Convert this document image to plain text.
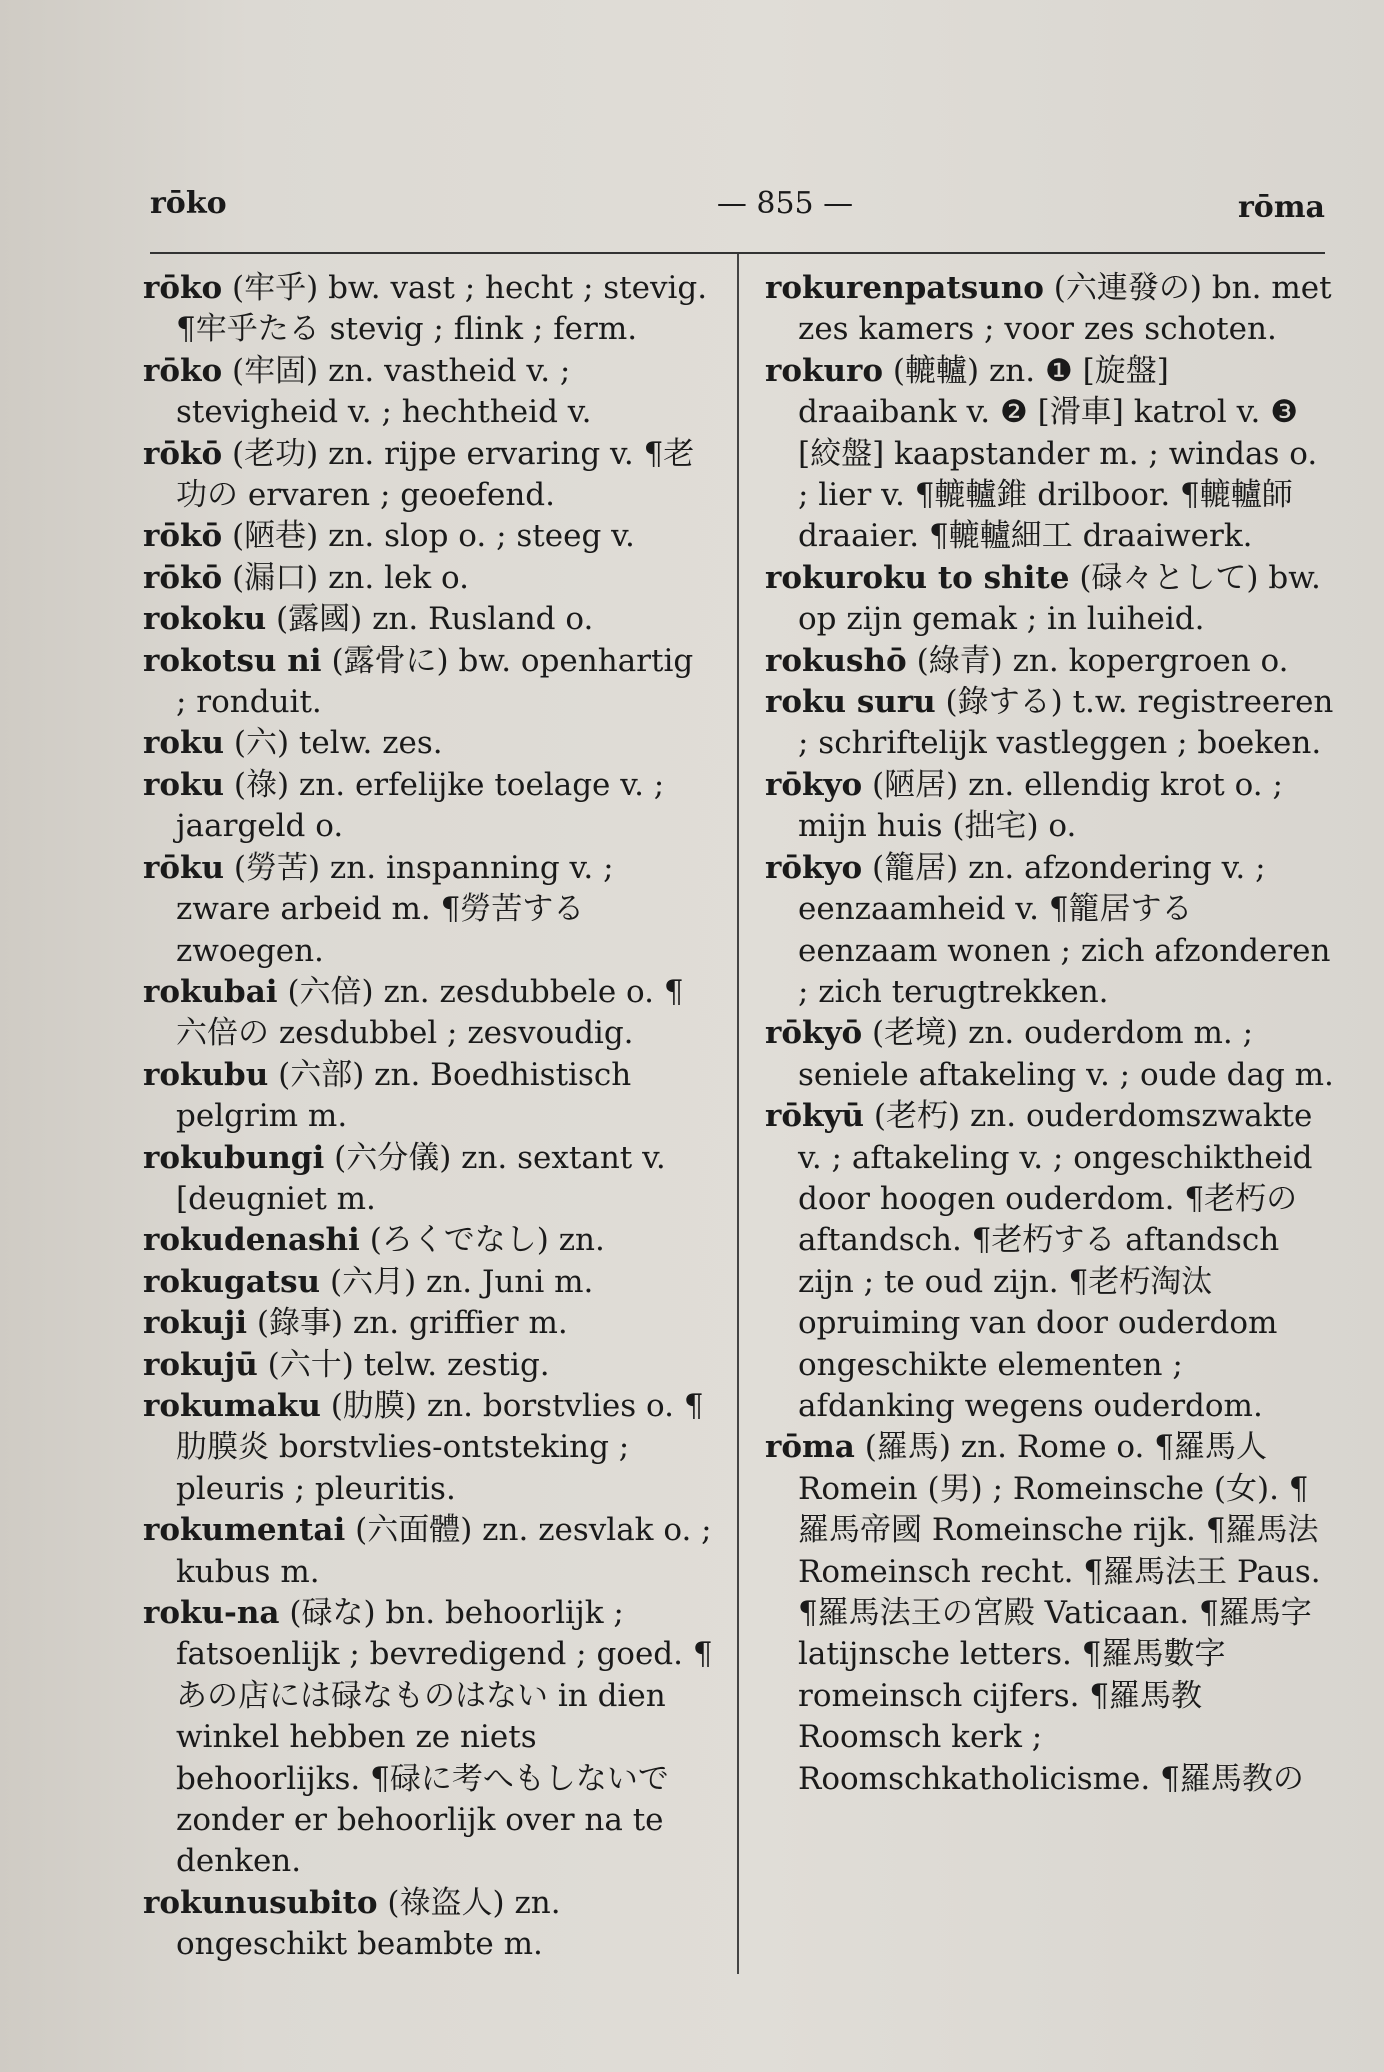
rōko	— 855 —	rōma
rōko (牢乎) bw. vast ; hecht ; stevig. ¶牢乎たる stevig ; flink ; ferm.
rōko (牢固) zn. vastheid v. ; stevigheid v. ; hechtheid v.
rōkō (老功) zn. rijpe ervaring v. ¶老功の ervaren ; geoefend.
rōkō (陋巷) zn. slop o. ; steeg v.
rōkō (漏口) zn. lek o.
rokoku (露國) zn. Rusland o.
rokotsu ni (露骨に) bw. openhartig ; ronduit.
roku (六) telw. zes.
roku (祿) zn. erfelijke toelage v. ; jaargeld o.
rōku (勞苦) zn. inspanning v. ; zware arbeid m. ¶勞苦する zwoegen.
rokubai (六倍) zn. zesdubbele o. ¶六倍の zesdubbel ; zesvoudig.
rokubu (六部) zn. Boedhistisch pelgrim m.
rokubungi (六分儀) zn. sextant v. [deugniet m.
rokudenashi (ろくでなし) zn.
rokugatsu (六月) zn. Juni m.
rokuji (錄事) zn. griffier m.
rokujū (六十) telw. zestig.
rokumaku (肋膜) zn. borstvlies o. ¶肋膜炎 borstvlies-ontsteking ; pleuris ; pleuritis.
rokumentai (六面體) zn. zesvlak o. ; kubus m.
roku-na (碌な) bn. behoorlijk ; fatsoenlijk ; bevredigend ; goed. ¶あの店には碌なものはない in dien winkel hebben ze niets behoorlijks. ¶碌に考へもしないで zonder er behoorlijk over na te denken.
rokunusubito (祿盗人) zn. ongeschikt beambte m.
rokurenpatsuno (六連發の) bn. met zes kamers ; voor zes schoten.
rokuro (轆轤) zn. ❶ [旋盤] draaibank v. ❷ [滑車] katrol v. ❸ [絞盤] kaapstander m. ; windas o. ; lier v. ¶轆轤錐 drilboor. ¶轆轤師 draaier. ¶轆轤細工 draaiwerk.
rokuroku to shite (碌々として) bw. op zijn gemak ; in luiheid.
rokushō (綠青) zn. kopergroen o.
roku suru (錄する) t.w. registreeren ; schriftelijk vastleggen ; boeken.
rōkyo (陋居) zn. ellendig krot o. ; mijn huis (拙宅) o.
rōkyo (籠居) zn. afzondering v. ; eenzaamheid v. ¶籠居する eenzaam wonen ; zich afzonderen ; zich terugtrekken.
rōkyō (老境) zn. ouderdom m. ; seniele aftakeling v. ; oude dag m.
rōkyū (老朽) zn. ouderdomszwakte v. ; aftakeling v. ; ongeschiktheid door hoogen ouderdom. ¶老朽の aftandsch. ¶老朽する aftandsch zijn ; te oud zijn. ¶老朽淘汰 opruiming van door ouderdom ongeschikte elementen ; afdanking wegens ouderdom.
rōma (羅馬) zn. Rome o. ¶羅馬人 Romein (男) ; Romeinsche (女). ¶羅馬帝國 Romeinsche rijk. ¶羅馬法 Romeinsch recht. ¶羅馬法王 Paus. ¶羅馬法王の宮殿 Vaticaan. ¶羅馬字 latijnsche letters. ¶羅馬數字 romeinsch cijfers. ¶羅馬教 Roomsch kerk ; Roomschkatholicisme. ¶羅馬教の
